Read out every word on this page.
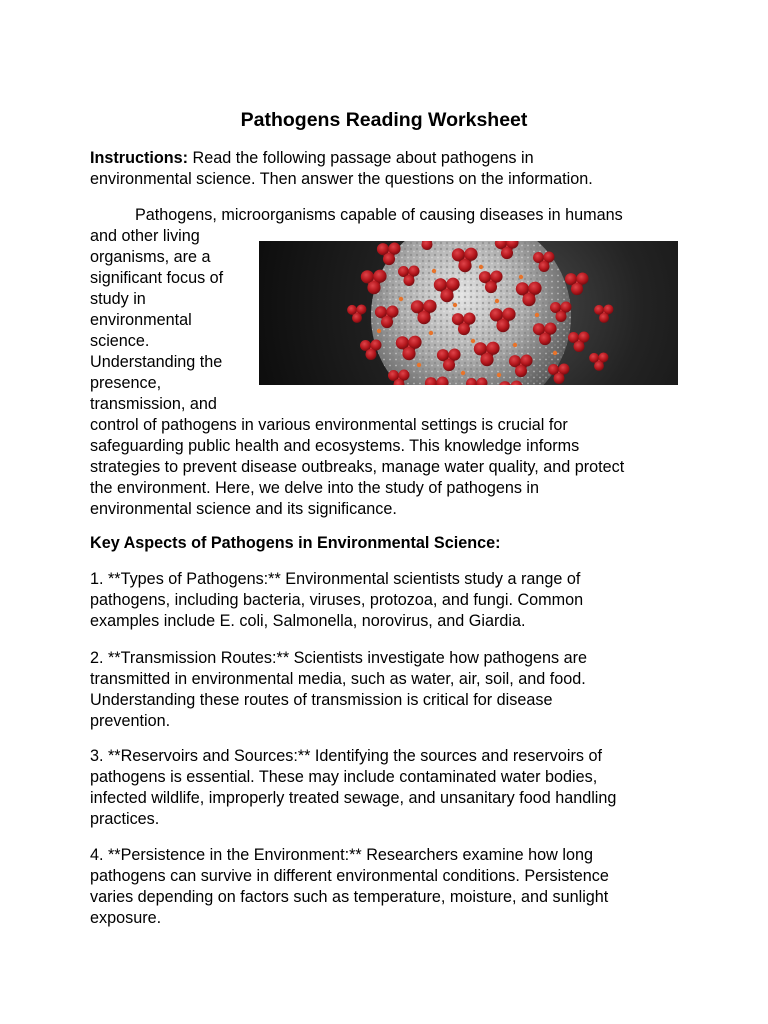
Pathogens Reading Worksheet

Instructions: Read the following passage about pathogens in
environmental science. Then answer the questions on the information.

Pathogens, microorganisms capable of causing diseases in humans
and other living
organisms, are a
significant focus of
study in
environmental
science.
Understanding the
presence,
transmission, and
control of pathogens in various environmental settings is crucial for
safeguarding public health and ecosystems. This knowledge informs
strategies to prevent disease outbreaks, manage water quality, and protect
the environment. Here, we delve into the study of pathogens in
environmental science and its significance.

Key Aspects of Pathogens in Environmental Science:

1. **Types of Pathogens:** Environmental scientists study a range of
pathogens, including bacteria, viruses, protozoa, and fungi. Common
examples include E. coli, Salmonella, norovirus, and Giardia.

2. **Transmission Routes:** Scientists investigate how pathogens are
transmitted in environmental media, such as water, air, soil, and food.
Understanding these routes of transmission is critical for disease
prevention.

3. **Reservoirs and Sources:** Identifying the sources and reservoirs of
pathogens is essential. These may include contaminated water bodies,
infected wildlife, improperly treated sewage, and unsanitary food handling
practices.

4. **Persistence in the Environment:** Researchers examine how long
pathogens can survive in different environmental conditions. Persistence
varies depending on factors such as temperature, moisture, and sunlight
exposure.
